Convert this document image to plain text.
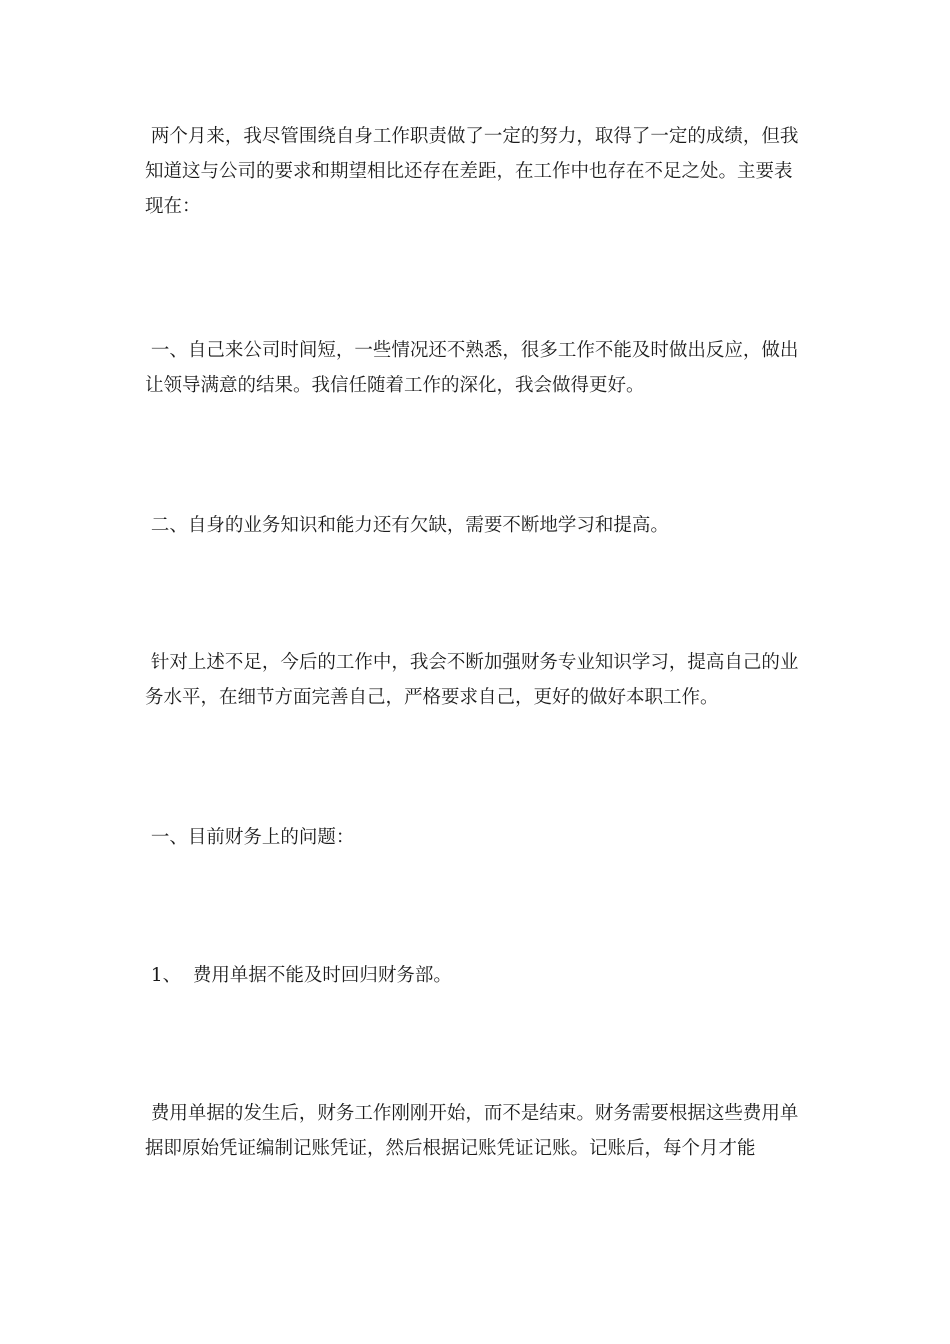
两个月来，我尽管围绕自身工作职责做了一定的努力，取得了一定的成绩，但我知道这与公司的要求和期望相比还存在差距，在工作中也存在不足之处。主要表现在：

一、自己来公司时间短，一些情况还不熟悉，很多工作不能及时做出反应，做出让领导满意的结果。我信任随着工作的深化，我会做得更好。

二、自身的业务知识和能力还有欠缺，需要不断地学习和提高。

针对上述不足，今后的工作中，我会不断加强财务专业知识学习，提高自己的业务水平，在细节方面完善自己，严格要求自己，更好的做好本职工作。

一、目前财务上的问题：

1、  费用单据不能及时回归财务部。

费用单据的发生后，财务工作刚刚开始，而不是结束。财务需要根据这些费用单据即原始凭证编制记账凭证，然后根据记账凭证记账。记账后，每个月才能
